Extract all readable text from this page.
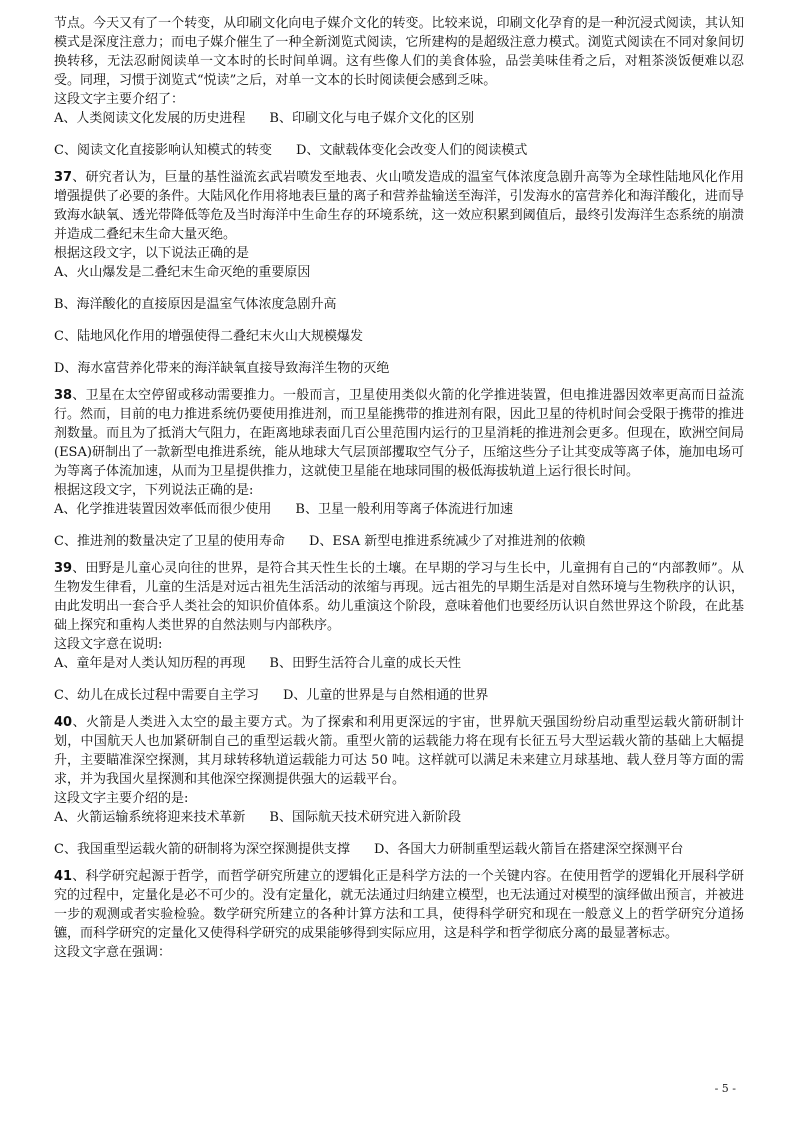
节点。今天又有了一个转变，从印刷文化向电子媒介文化的转变。比较来说，印刷文化孕育的是一种沉浸式阅读，其认知模式是深度注意力；而电子媒介催生了一种全新浏览式阅读，它所建构的是超级注意力模式。浏览式阅读在不同对象间切换转移，无法忍耐阅读单一文本时的长时间单调。这有些像人们的美食体验，品尝美味佳肴之后，对粗茶淡饭便难以忍受。同理，习惯于浏览式“悦读”之后，对单一文本的长时阅读便会感到乏味。

这段文字主要介绍了：

A、人类阅读文化发展的历史进程 B、印刷文化与电子媒介文化的区别

C、阅读文化直接影响认知模式的转变 D、文献载体变化会改变人们的阅读模式

37、研究者认为，巨量的基性溢流玄武岩喷发至地表、火山喷发造成的温室气体浓度急剧升高等为全球性陆地风化作用增强提供了必要的条件。大陆风化作用将地表巨量的离子和营养盐输送至海洋，引发海水的富营养化和海洋酸化，进而导致海水缺氧、透光带降低等危及当时海洋中生命生存的环境系统，这一效应积累到阈值后，最终引发海洋生态系统的崩溃并造成二叠纪末生命大量灭绝。

根据这段文字，以下说法正确的是

A、火山爆发是二叠纪末生命灭绝的重要原因

B、海洋酸化的直接原因是温室气体浓度急剧升高

C、陆地风化作用的增强使得二叠纪末火山大规模爆发

D、海水富营养化带来的海洋缺氧直接导致海洋生物的灭绝

38、卫星在太空停留或移动需要推力。一般而言，卫星使用类似火箭的化学推进装置，但电推进器因效率更高而日益流行。然而，目前的电力推进系统仍要使用推进剂，而卫星能携带的推进剂有限，因此卫星的待机时间会受限于携带的推进剂数量。而且为了抵消大气阻力，在距离地球表面几百公里范围内运行的卫星消耗的推进剂会更多。但现在，欧洲空间局(ESA)研制出了一款新型电推进系统，能从地球大气层顶部攫取空气分子，压缩这些分子让其变成等离子体，施加电场可为等离子体流加速，从而为卫星提供推力，这就使卫星能在地球同围的极低海拔轨道上运行很长时间。

根据这段文字，下列说法正确的是:

A、化学推进装置因效率低而很少使用 B、卫星一般利用等离子体流进行加速

C、推进剂的数量决定了卫星的使用寿命 D、ESA 新型电推进系统减少了对推进剂的依赖

39、田野是儿童心灵向往的世界，是符合其天性生长的土壤。在早期的学习与生长中，儿童拥有自己的“内部教师”。从生物发生律看，儿童的生活是对远古祖先生活活动的浓缩与再现。远古祖先的早期生活是对自然环境与生物秩序的认识，由此发明出一套合乎人类社会的知识价值体系。幼儿重演这个阶段，意味着他们也要经历认识自然世界这个阶段，在此基础上探究和重构人类世界的自然法则与内部秩序。

这段文字意在说明:

A、童年是对人类认知历程的再现 B、田野生活符合儿童的成长天性

C、幼儿在成长过程中需要自主学习 D、儿童的世界是与自然相通的世界

40、火箭是人类进入太空的最主要方式。为了探索和利用更深远的宇宙，世界航天强国纷纷启动重型运载火箭研制计划，中国航天人也加紧研制自己的重型运载火箭。重型火箭的运载能力将在现有长征五号大型运载火箭的基础上大幅提升，主要瞄准深空探测，其月球转移轨道运载能力可达 50 吨。这样就可以满足未来建立月球基地、载人登月等方面的需求，并为我国火星探测和其他深空探测提供强大的运载平台。

这段文字主要介绍的是:

A、火箭运输系统将迎来技术革新 B、国际航天技术研究进入新阶段

C、我国重型运载火箭的研制将为深空探测提供支撑 D、各国大力研制重型运载火箭旨在搭建深空探测平台

41、科学研究起源于哲学，而哲学研究所建立的逻辑化正是科学方法的一个关键内容。在使用哲学的逻辑化开展科学研究的过程中，定量化是必不可少的。没有定量化，就无法通过归纳建立模型，也无法通过对模型的演绎做出预言，并被进一步的观测或者实验检验。数学研究所建立的各种计算方法和工具，使得科学研究和现在一般意义上的哲学研究分道扬镳，而科学研究的定量化又使得科学研究的成果能够得到实际应用，这是科学和哲学彻底分离的最显著标志。

这段文字意在强调：

- 5 -
